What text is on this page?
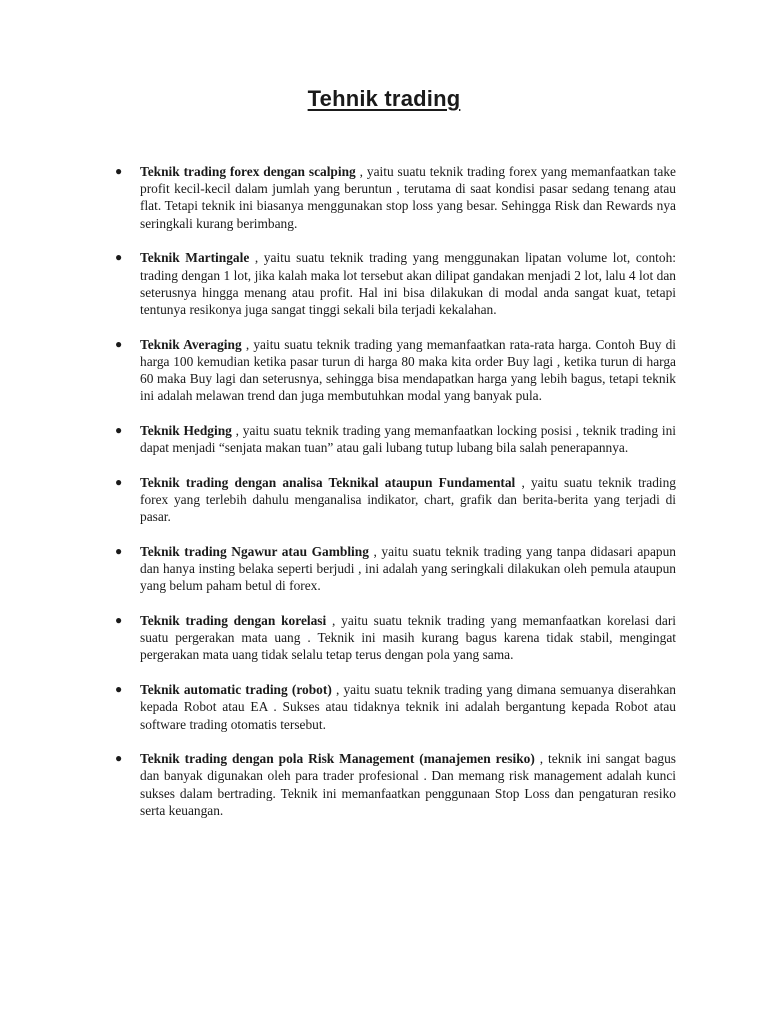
Tehnik trading
● Teknik trading forex dengan scalping , yaitu suatu teknik trading forex yang memanfaatkan take profit kecil-kecil dalam jumlah yang beruntun , terutama di saat kondisi pasar sedang tenang atau flat. Tetapi teknik ini biasanya menggunakan stop loss yang besar. Sehingga Risk dan Rewards nya seringkali kurang berimbang.
● Teknik Martingale , yaitu suatu teknik trading yang menggunakan lipatan volume lot, contoh: trading dengan 1 lot, jika kalah maka lot tersebut akan dilipat gandakan menjadi 2 lot, lalu 4 lot dan seterusnya hingga menang atau profit. Hal ini bisa dilakukan di modal anda sangat kuat, tetapi tentunya resikonya juga sangat tinggi sekali bila terjadi kekalahan.
● Teknik Averaging , yaitu suatu teknik trading yang memanfaatkan rata-rata harga. Contoh Buy di harga 100 kemudian ketika pasar turun di harga 80 maka kita order Buy lagi , ketika turun di harga 60 maka Buy lagi dan seterusnya, sehingga bisa mendapatkan harga yang lebih bagus, tetapi teknik ini adalah melawan trend dan juga membutuhkan modal yang banyak pula.
● Teknik Hedging , yaitu suatu teknik trading yang memanfaatkan locking posisi , teknik trading ini dapat menjadi “senjata makan tuan” atau gali lubang tutup lubang bila salah penerapannya.
● Teknik trading dengan analisa Teknikal ataupun Fundamental , yaitu suatu teknik trading forex yang terlebih dahulu menganalisa indikator, chart, grafik dan berita-berita yang terjadi di pasar.
● Teknik trading Ngawur atau Gambling , yaitu suatu teknik trading yang tanpa didasari apapun dan hanya insting belaka seperti berjudi , ini adalah yang seringkali dilakukan oleh pemula ataupun yang belum paham betul di forex.
● Teknik trading dengan korelasi , yaitu suatu teknik trading yang memanfaatkan korelasi dari suatu pergerakan mata uang . Teknik ini masih kurang bagus karena tidak stabil, mengingat pergerakan mata uang tidak selalu tetap terus dengan pola yang sama.
● Teknik automatic trading (robot) , yaitu suatu teknik trading yang dimana semuanya diserahkan kepada Robot atau EA . Sukses atau tidaknya teknik ini adalah bergantung kepada Robot atau software trading otomatis tersebut.
● Teknik trading dengan pola Risk Management (manajemen resiko) , teknik ini sangat bagus dan banyak digunakan oleh para trader profesional . Dan memang risk management adalah kunci sukses dalam bertrading. Teknik ini memanfaatkan penggunaan Stop Loss dan pengaturan resiko serta keuangan.
